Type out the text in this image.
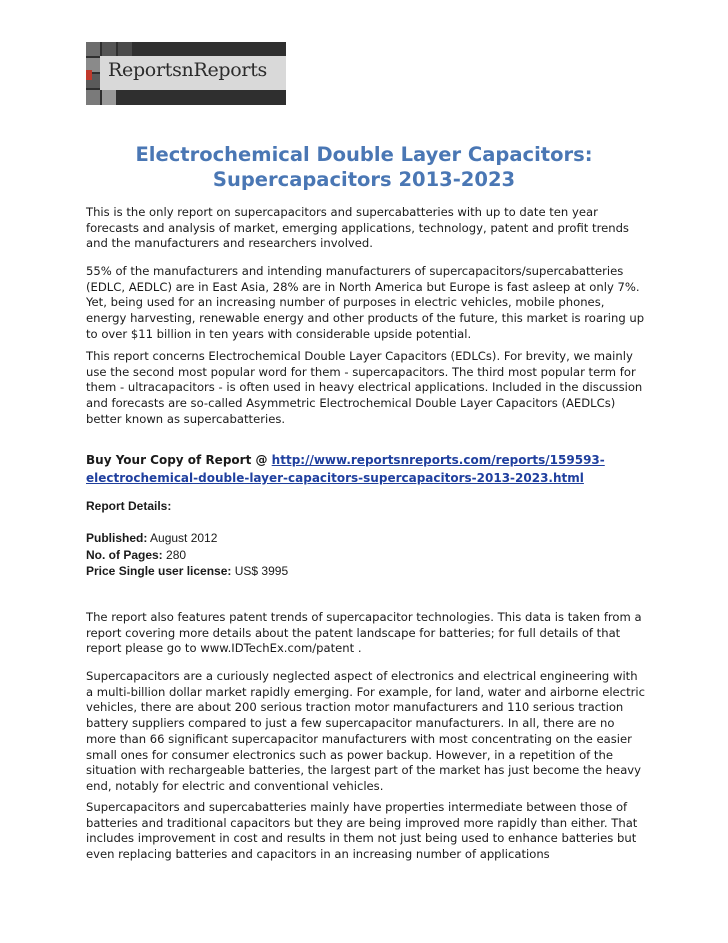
ReportsnReports
Electrochemical Double Layer Capacitors:
Supercapacitors 2013-2023

This is the only report on supercapacitors and supercabatteries with up to date ten year forecasts and analysis of market, emerging applications, technology, patent and profit trends and the manufacturers and researchers involved.

55% of the manufacturers and intending manufacturers of supercapacitors/supercabatteries (EDLC, AEDLC) are in East Asia, 28% are in North America but Europe is fast asleep at only 7%. Yet, being used for an increasing number of purposes in electric vehicles, mobile phones, energy harvesting, renewable energy and other products of the future, this market is roaring up to over $11 billion in ten years with considerable upside potential.

This report concerns Electrochemical Double Layer Capacitors (EDLCs). For brevity, we mainly use the second most popular word for them - supercapacitors. The third most popular term for them - ultracapacitors - is often used in heavy electrical applications. Included in the discussion and forecasts are so-called Asymmetric Electrochemical Double Layer Capacitors (AEDLCs) better known as supercabatteries.

Buy Your Copy of Report @ http://www.reportsnreports.com/reports/159593-electrochemical-double-layer-capacitors-supercapacitors-2013-2023.html

Report Details:

Published: August 2012
No. of Pages: 280
Price Single user license: US$ 3995

The report also features patent trends of supercapacitor technologies. This data is taken from a report covering more details about the patent landscape for batteries; for full details of that report please go to www.IDTechEx.com/patent .

Supercapacitors are a curiously neglected aspect of electronics and electrical engineering with a multi-billion dollar market rapidly emerging. For example, for land, water and airborne electric vehicles, there are about 200 serious traction motor manufacturers and 110 serious traction battery suppliers compared to just a few supercapacitor manufacturers. In all, there are no more than 66 significant supercapacitor manufacturers with most concentrating on the easier small ones for consumer electronics such as power backup. However, in a repetition of the situation with rechargeable batteries, the largest part of the market has just become the heavy end, notably for electric and conventional vehicles.

Supercapacitors and supercabatteries mainly have properties intermediate between those of batteries and traditional capacitors but they are being improved more rapidly than either. That includes improvement in cost and results in them not just being used to enhance batteries but even replacing batteries and capacitors in an increasing number of applications
